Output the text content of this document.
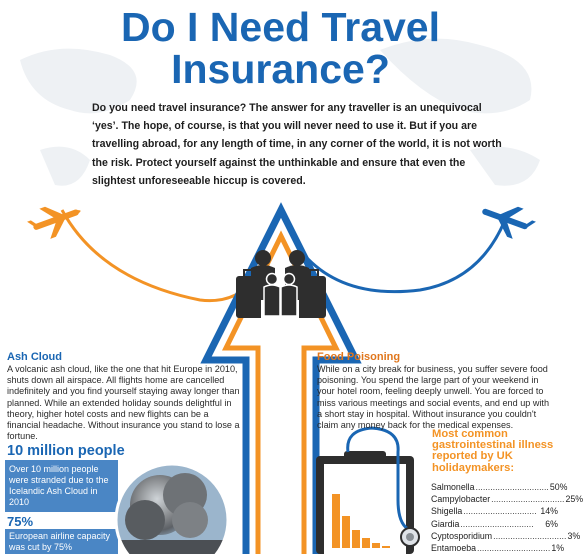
Do I Need Travel
Insurance?
Do you need travel insurance? The answer for any traveller is an unequivocal ‘yes’. The hope, of course, is that you will never need to use it. But if you are travelling abroad, for any length of time, in any corner of the world, it is not worth the risk. Protect yourself against the unthinkable and ensure that even the slightest unforeseeable hiccup is covered.
Ash Cloud
A volcanic ash cloud, like the one that hit Europe in 2010, shuts down all airspace. All flights home are cancelled indefinitely and you find yourself staying away longer than planned. While an extended holiday sounds delightful in theory, higher hotel costs and new flights can be a financial headache. Without insurance you stand to lose a fortune.
10 million people
Over 10 million people were stranded due to the Icelandic Ash Cloud in 2010
75%
European airline capacity was cut by 75%
Food Poisoning
While on a city break for business, you suffer severe food poisoning. You spend the large part of your weekend in your hotel room, feeling deeply unwell. You are forced to miss various meetings and social events, and end up with a short stay in hospital. Without insurance you couldn't claim any money back for the medical expenses.
Most common gastrointestinal illness reported by UK holidaymakers:
Salmonella .............................. 50%
Campylobacter .............................. 25%
Shigella .............................. 14%
Giardia ..............................	6%
Cyptosporidium .............................. 3%
Entamoeba .............................. 1%
